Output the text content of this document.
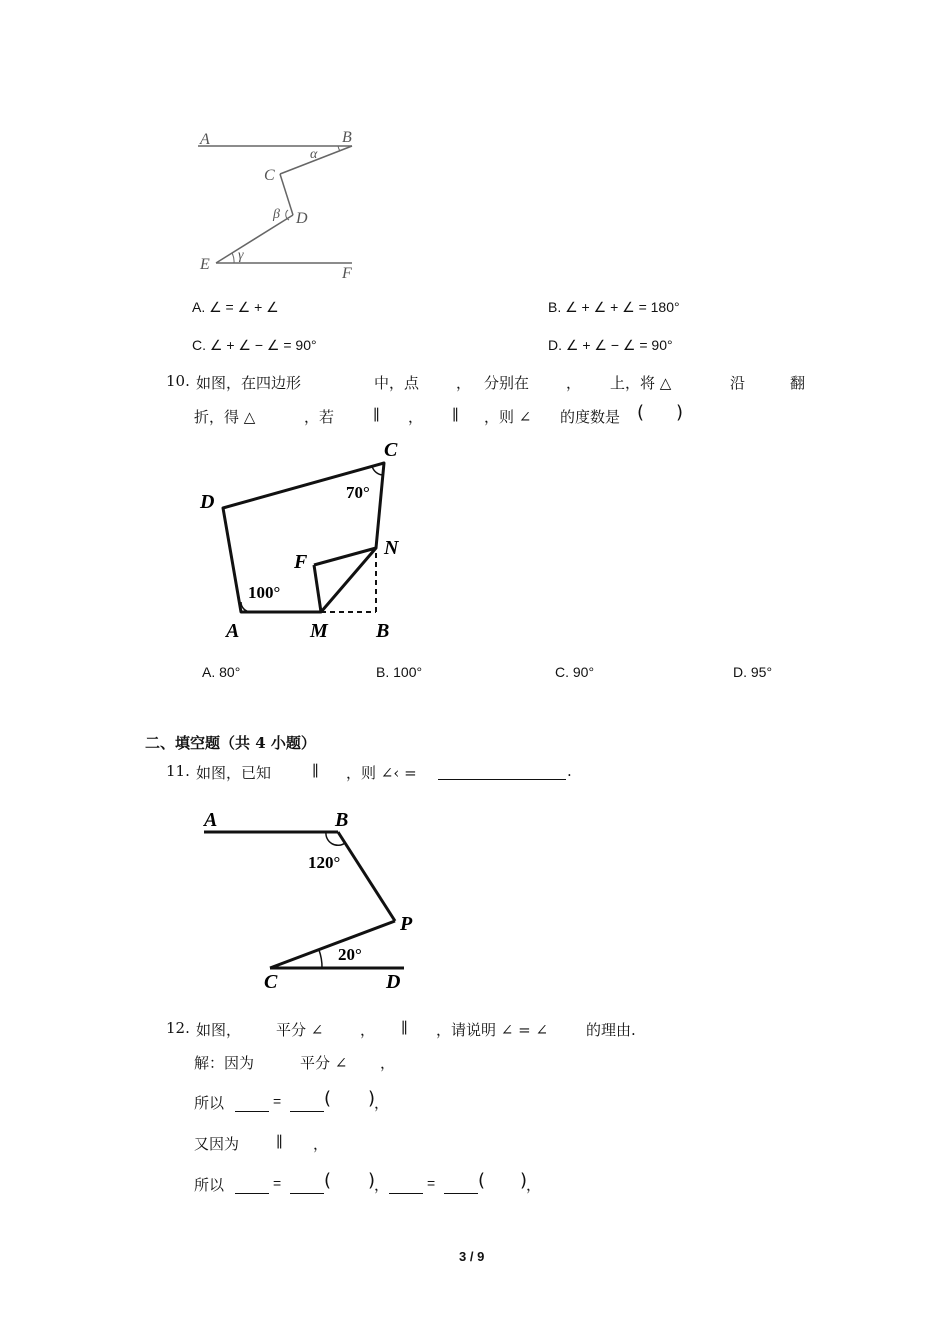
A	B
C
D
E
F
α
β
γ
A. ∠ = ∠ + ∠	B. ∠ + ∠ + ∠ = 180°
C. ∠ + ∠ − ∠ = 90°	D. ∠ + ∠ − ∠ = 90°
10. 如图，在四边形	中，点 ， 分别在 ， 上，将 △	沿	翻
折，得 △	，若	∥ ， ∥ ，则 ∠ 的度数是 ( )
D
C
N
F
A	M B
70°
100°
A. 80°	B. 100°	C. 90°	D. 95°
二、填空题（共 4 小题）
11. 如图，已知	∥ ，则 ∠‹ =	.
A	B
P
C	D
120°
20°
12. 如图， 平分 ∠ ， ∥ ，请说明 ∠ = ∠	的理由.
解：因为	平分 ∠ ，
所以	= ( )
，
又因为 ∥ ，
所以	= ( )
，	= ( )
，
3 / 9
